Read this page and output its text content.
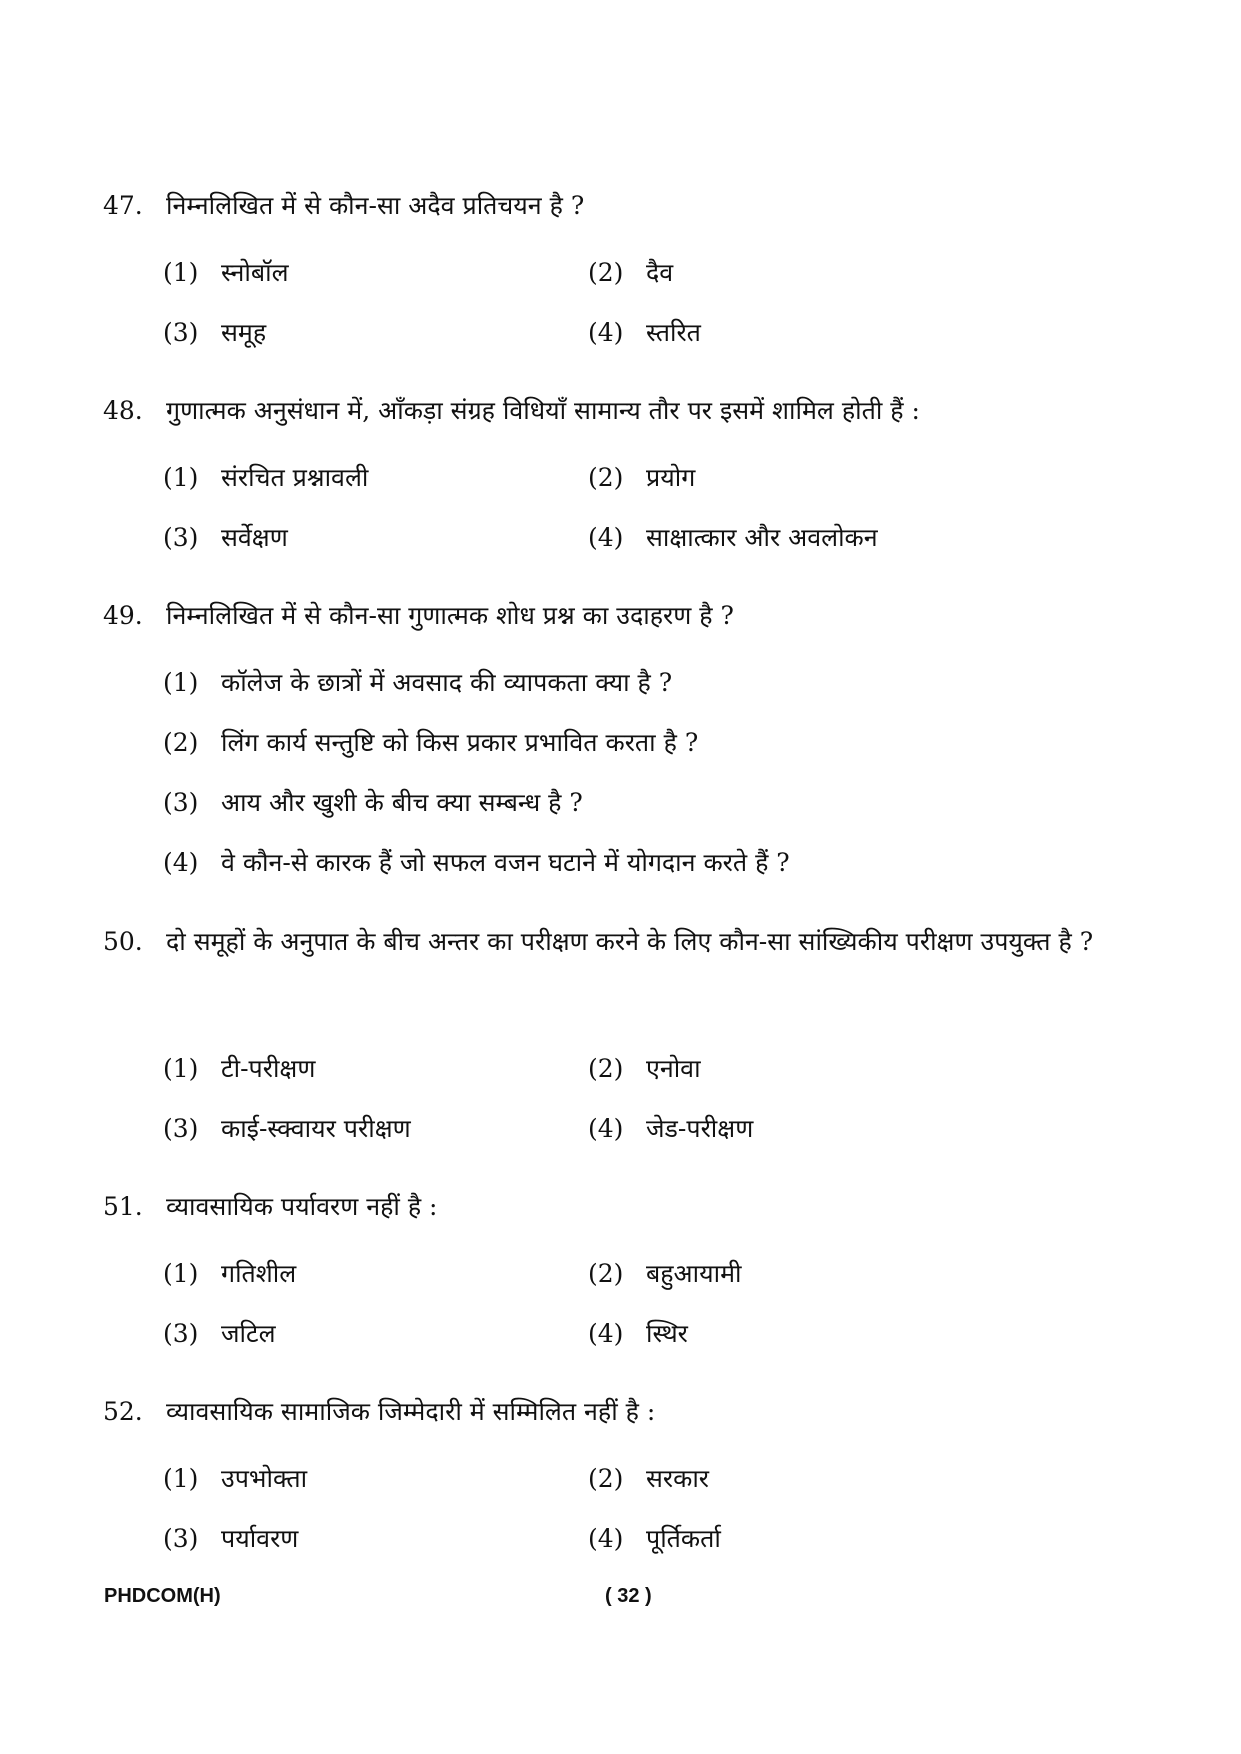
47. निम्नलिखित में से कौन-सा अदैव प्रतिचयन है ?
(1) स्नोबॉल	(2) दैव
(3) समूह	(4) स्तरित
48. गुणात्मक अनुसंधान में, आँकड़ा संग्रह विधियाँ सामान्य तौर पर इसमें शामिल होती हैं :
(1) संरचित प्रश्नावली	(2) प्रयोग
(3) सर्वेक्षण	(4) साक्षात्कार और अवलोकन
49. निम्नलिखित में से कौन-सा गुणात्मक शोध प्रश्न का उदाहरण है ?
(1) कॉलेज के छात्रों में अवसाद की व्यापकता क्या है ?
(2) लिंग कार्य सन्तुष्टि को किस प्रकार प्रभावित करता है ?
(3) आय और खुशी के बीच क्या सम्बन्ध है ?
(4) वे कौन-से कारक हैं जो सफल वजन घटाने में योगदान करते हैं ?
50. दो समूहों के अनुपात के बीच अन्तर का परीक्षण करने के लिए कौन-सा सांख्यिकीय परीक्षण उपयुक्त है ?
(1) टी-परीक्षण	(2) एनोवा
(3) काई-स्क्वायर परीक्षण	(4) जेड-परीक्षण
51. व्यावसायिक पर्यावरण नहीं है :
(1) गतिशील	(2) बहुआयामी
(3) जटिल	(4) स्थिर
52. व्यावसायिक सामाजिक जिम्मेदारी में सम्मिलित नहीं है :
(1) उपभोक्ता	(2) सरकार
(3) पर्यावरण	(4) पूर्तिकर्ता
PHDCOM(H)	( 32 )
